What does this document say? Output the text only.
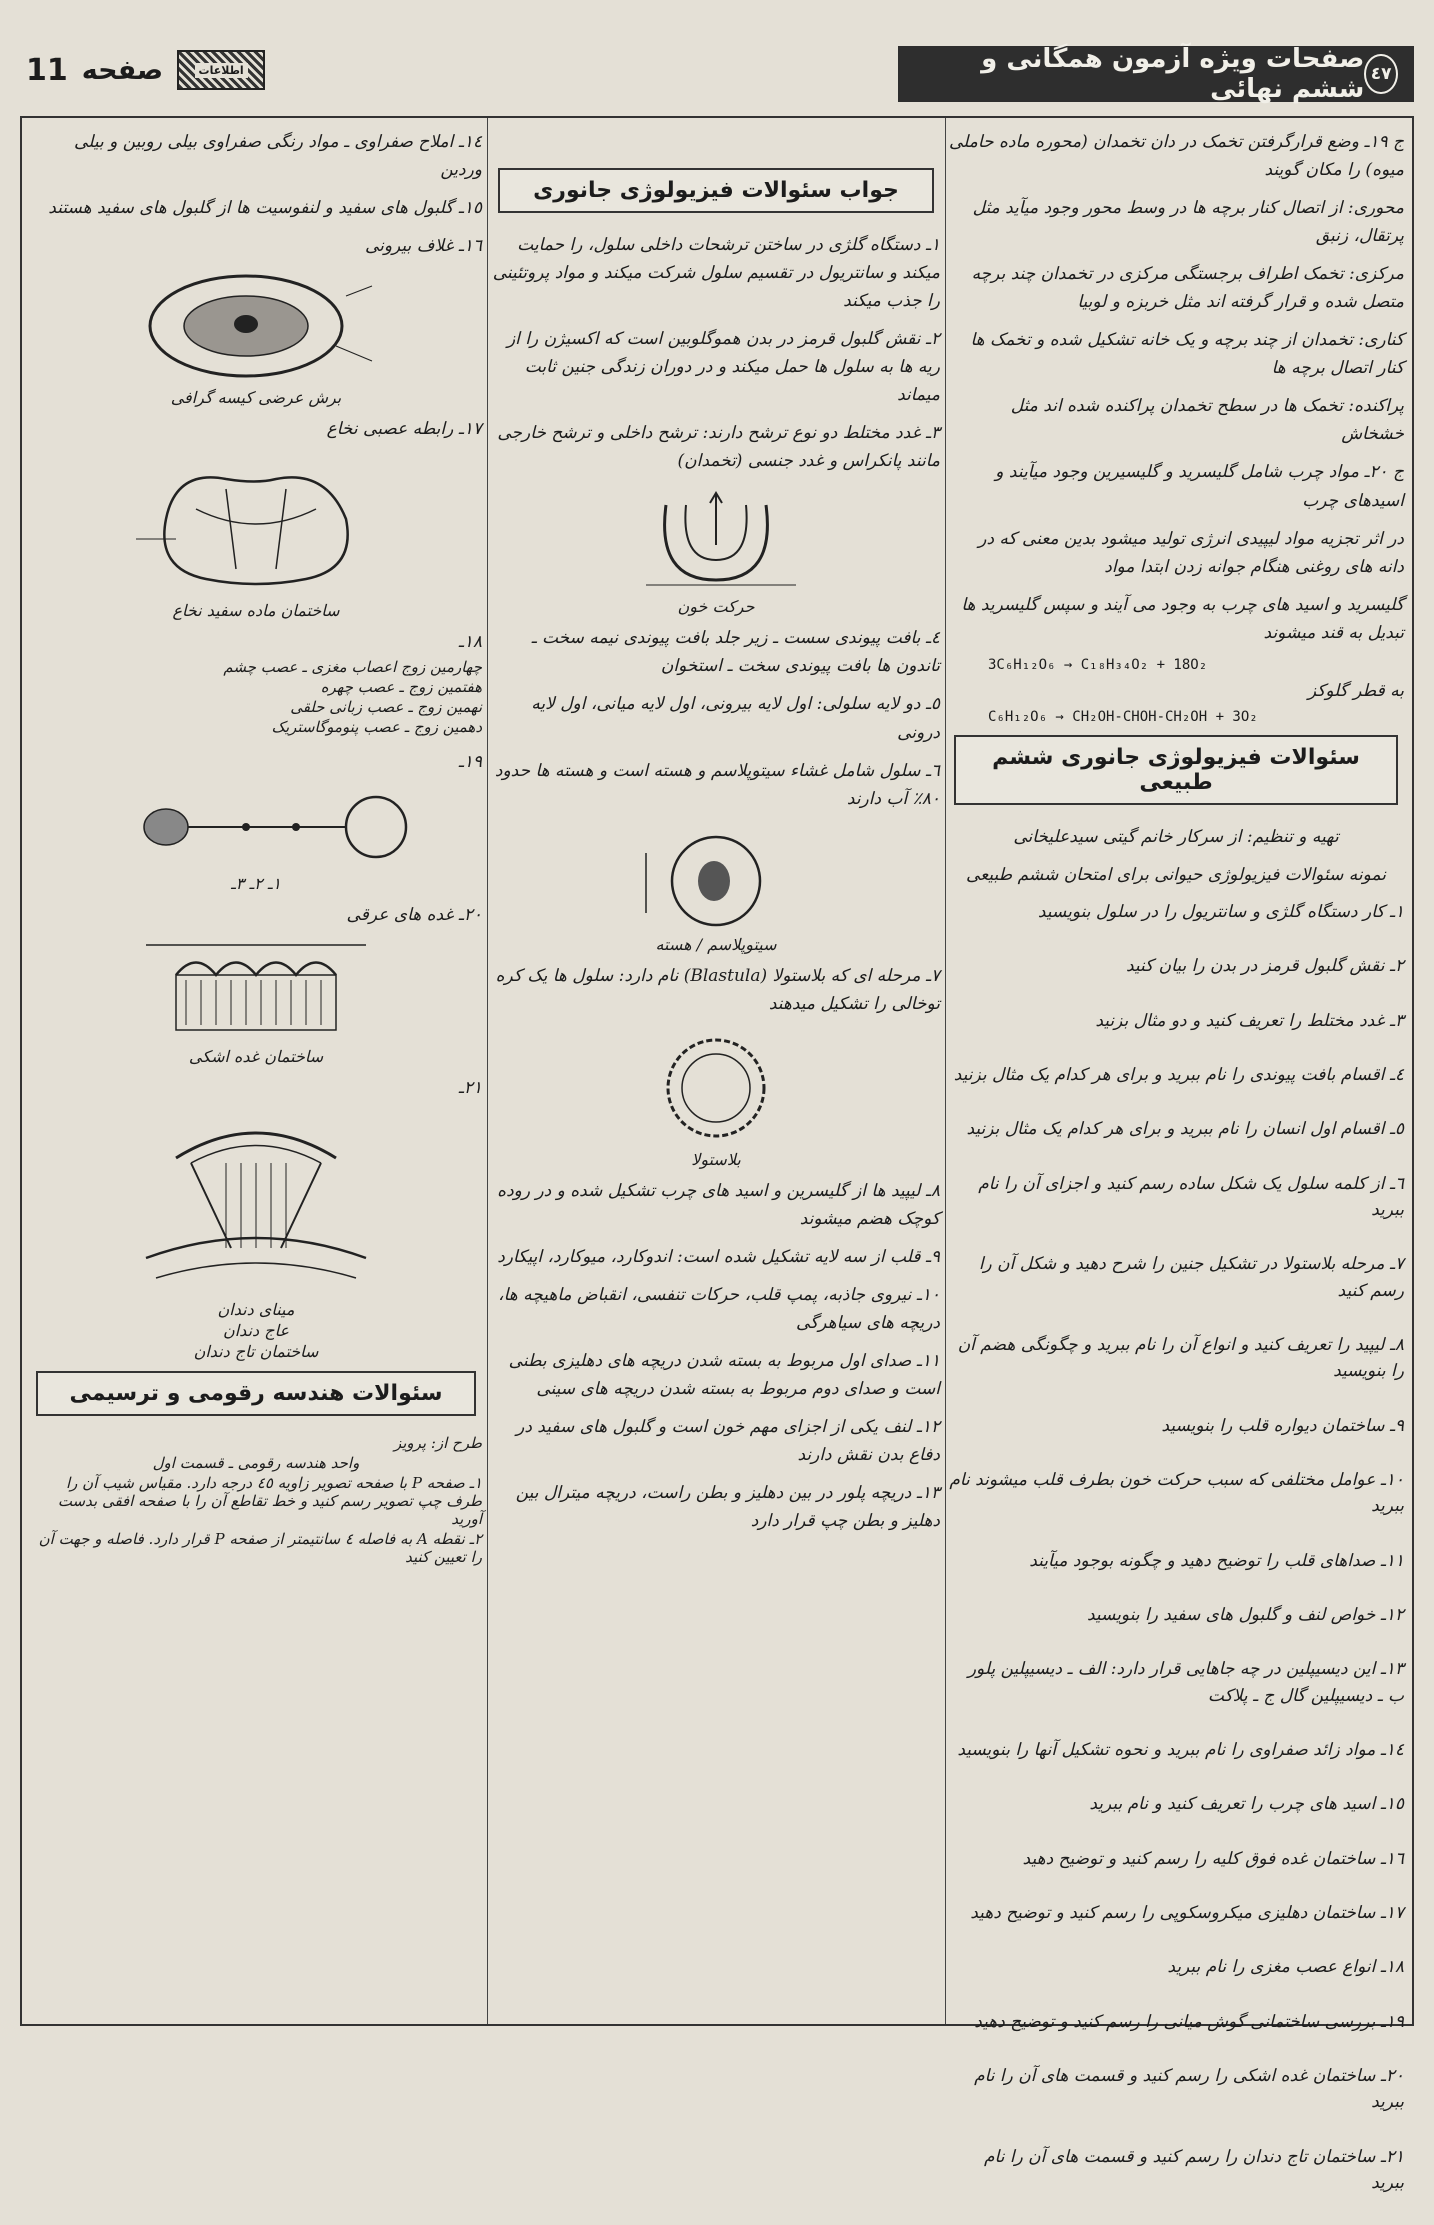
٤٧
صفحات ویژه آزمون همگانی و ششم نهائی
اطلاعات
صفحه
11

ج ١٩ـ وضع قرارگرفتن تخمک در دان تخمدان (محوره ماده حاملی میوه) را مکان گویند

محوری: از اتصال کنار برچه ها در وسط محور وجود میآید مثل پرتقال، زنبق

مرکزی: تخمک اطراف برجستگی مرکزی در تخمدان چند برچه متصل شده و قرار گرفته اند مثل خربزه و لوبیا

کناری: تخمدان از چند برچه و یک خانه تشکیل شده و تخمک ها کنار اتصال برچه ها

پراکنده: تخمک ها در سطح تخمدان پراکنده شده اند مثل خشخاش

ج ٢٠ـ مواد چرب شامل گلیسرید و گلیسیرین وجود میآیند و اسیدهای چرب

در اثر تجزیه مواد لیپیدی انرژی تولید میشود بدین معنی که در دانه های روغنی هنگام جوانه زدن ابتدا مواد

گلیسرید و اسید های چرب به وجود می آیند و سپس گلیسرید ها تبدیل به قند میشوند

3C₆H₁₂O₆ → C₁₈H₃₄O₂ + 18O₂

به قطر گلوکز

C₆H₁₂O₆ → CH₂OH-CHOH-CH₂OH + 3O₂
سئوالات فیزیولوژی جانوری ششم طبیعی

تهیه و تنظیم: از سرکار خانم گیتی سیدعلیخانی

نمونه سئوالات فیزیولوژی حیوانی برای امتحان ششم طبیعی

١ـ کار دستگاه گلژی و سانتریول را در سلول بنویسید

٢ـ نقش گلبول قرمز در بدن را بیان کنید

٣ـ غدد مختلط را تعریف کنید و دو مثال بزنید

٤ـ اقسام بافت پیوندی را نام ببرید و برای هر کدام یک مثال بزنید

٥ـ اقسام اول انسان را نام ببرید و برای هر کدام یک مثال بزنید

٦ـ از کلمه سلول یک شکل ساده رسم کنید و اجزای آن را نام ببرید

٧ـ مرحله بلاستولا در تشکیل جنین را شرح دهید و شکل آن را رسم کنید

٨ـ لیپید را تعریف کنید و انواع آن را نام ببرید و چگونگی هضم آن را بنویسید

٩ـ ساختمان دیواره قلب را بنویسید

١٠ـ عوامل مختلفی که سبب حرکت خون بطرف قلب میشوند نام ببرید

١١ـ صداهای قلب را توضیح دهید و چگونه بوجود میآیند

١٢ـ خواص لنف و گلبول های سفید را بنویسید

١٣ـ این دیسیپلین در چه جاهایی قرار دارد: الف ـ دیسیپلین پلور ب ـ دیسیپلین گال ج ـ پلاکت

١٤ـ مواد زائد صفراوی را نام ببرید و نحوه تشکیل آنها را بنویسید

١٥ـ اسید های چرب را تعریف کنید و نام ببرید

١٦ـ ساختمان غده فوق کلیه را رسم کنید و توضیح دهید

١٧ـ ساختمان دهلیزی میکروسکوپی را رسم کنید و توضیح دهید

١٨ـ انواع عصب مغزی را نام ببرید

١٩ـ بررسی ساختمانی گوش میانی را رسم کنید و توضیح دهید

٢٠ـ ساختمان غده اشکی را رسم کنید و قسمت های آن را نام ببرید

٢١ـ ساختمان تاج دندان را رسم کنید و قسمت های آن را نام ببرید

جواب سئوالات فیزیولوژی جانوری

١ـ دستگاه گلژی در ساختن ترشحات داخلی سلول، را حمایت میکند و سانتریول در تقسیم سلول شرکت میکند و مواد پروتئینی را جذب میکند

٢ـ نقش گلبول قرمز در بدن هموگلوبین است که اکسیژن را از ریه ها به سلول ها حمل میکند و در دوران زندگی جنین ثابت میماند

٣ـ غدد مختلط دو نوع ترشح دارند: ترشح داخلی و ترشح خارجی مانند پانکراس و غدد جنسی (تخمدان)

حرکت خون

٤ـ بافت پیوندی سست ـ زیر جلد بافت پیوندی نیمه سخت ـ تاندون ها بافت پیوندی سخت ـ استخوان

٥ـ دو لایه سلولی: اول لایه بیرونی، اول لایه میانی، اول لایه درونی

٦ـ سلول شامل غشاء سیتوپلاسم و هسته است و هسته ها حدود ٨٠٪ آب دارند

سیتوپلاسم / هسته

٧ـ مرحله ای که بلاستولا (Blastula) نام دارد: سلول ها یک کره توخالی را تشکیل میدهند

بلاستولا

٨ـ لیپید ها از گلیسرین و اسید های چرب تشکیل شده و در روده کوچک هضم میشوند

٩ـ قلب از سه لایه تشکیل شده است: اندوکارد، میوکارد، اپیکارد

١٠ـ نیروی جاذبه، پمپ قلب، حرکات تنفسی، انقباض ماهیچه ها، دریچه های سیاهرگی

١١ـ صدای اول مربوط به بسته شدن دریچه های دهلیزی بطنی است و صدای دوم مربوط به بسته شدن دریچه های سینی

١٢ـ لنف یکی از اجزای مهم خون است و گلبول های سفید در دفاع بدن نقش دارند

١٣ـ دریچه پلور در بین دهلیز و بطن راست، دریچه میترال بین دهلیز و بطن چپ قرار دارد

١٤ـ املاح صفراوی ـ مواد رنگی صفراوی بیلی روبین و بیلی وردین

١٥ـ گلبول های سفید و لنفوسیت ها از گلبول های سفید هستند

١٦ـ غلاف بیرونی

برش عرضی کیسه گرافی

١٧ـ رابطه عصبی نخاع

ساختمان ماده سفید نخاع

١٨ـ

چهارمین زوج اعصاب مغزی ـ عصب چشم

هفتمین زوج ـ عصب چهره

نهمین زوج ـ عصب زبانی حلقی

دهمین زوج ـ عصب پنوموگاستریک

١٩ـ

١ـ ٢ـ ٣ـ

٢٠ـ غده های عرقی

ساختمان غده اشکی

٢١ـ

مینای دندان
عاج دندان
ساختمان تاج دندان
سئوالات هندسه رقومی و ترسیمی

طرح از: پرویز

واحد هندسه رقومی ـ قسمت اول

١ـ صفحه P با صفحه تصویر زاویه ٤٥ درجه دارد. مقیاس شیب آن را طرف چپ تصویر رسم کنید و خط تقاطع آن را با صفحه افقی بدست آورید

٢ـ نقطه A به فاصله ٤ سانتیمتر از صفحه P قرار دارد. فاصله و جهت آن را تعیین کنید
